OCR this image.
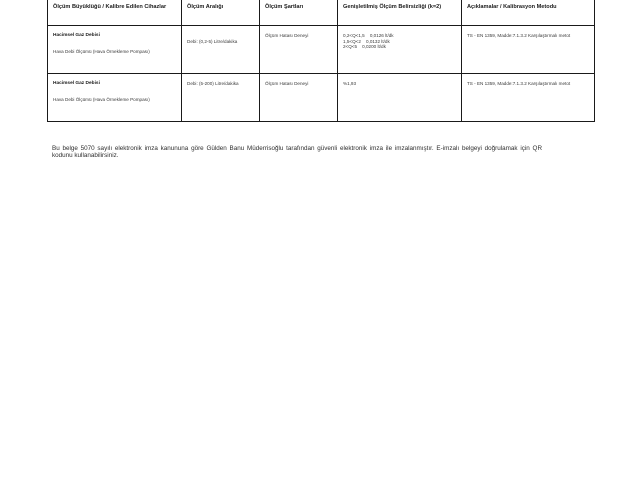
Ölçüm Büyüklüğü / Kalibre Edilen Cihazlar	Ölçüm Aralığı	Ölçüm Şartları	Genişletilmiş Ölçüm Belirsizliği (k=2)	Açıklamalar / Kalibrasyon Metodu

Hacimsel Gaz Debisi
Hava Debi Ölçümü (Hava Örnekleme Pompası)	Debi: (0,2-5) Litre/dakika	Ölçüm Hatası Deneyi	0,2<Q<1,5    0,0126 lt/dk
1,5<Q<2    0,0132 lt/dk
2<Q<5    0,0200 lt/dk	TS - EN 1359, Madde:7.1.3.2 Karşılaştırmalı metot

Hacimsel Gaz Debisi
Hava Debi Ölçümü (Hava Örnekleme Pompası)	Debi: (5-200) Litre/dakika	Ölçüm Hatası Deneyi	%1,93	TS - EN 1359, Madde:7.1.3.2 Karşılaştırmalı metot

Bu belge 5070 sayılı elektronik imza kanununa göre Gülden Banu Müderrisoğlu tarafından güvenli elektronik imza ile imzalanmıştır. E-imzalı belgeyi doğrulamak için QR kodunu kullanabilirsiniz.
